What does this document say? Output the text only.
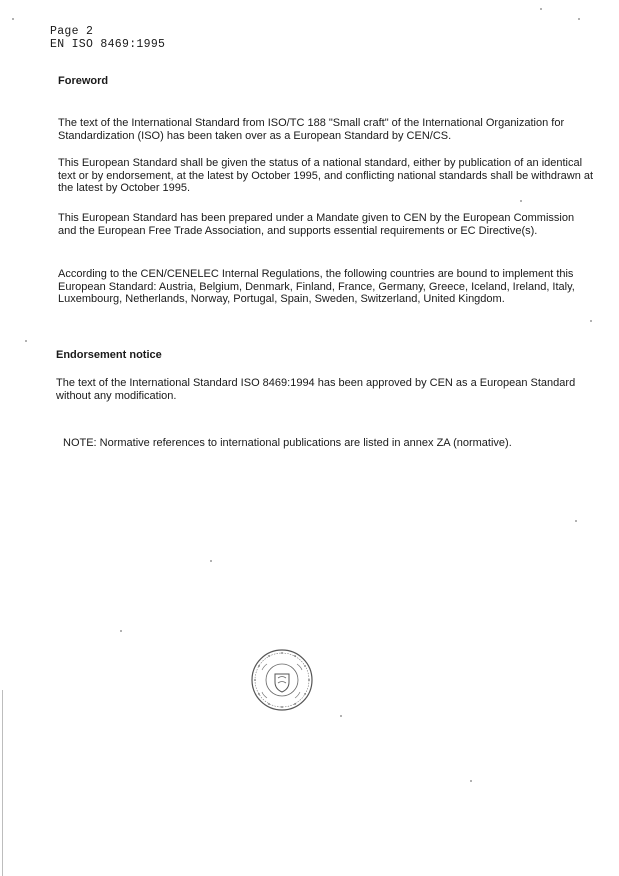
Page 2
EN ISO 8469:1995
Foreword
The text of the International Standard from ISO/TC 188 "Small craft" of the International Organization for Standardization (ISO) has been taken over as a European Standard by CEN/CS.
This European Standard shall be given the status of a national standard, either by publication of an identical text or by endorsement, at the latest by October 1995, and conflicting national standards shall be withdrawn at the latest by October 1995.
This European Standard has been prepared under a Mandate given to CEN by the European Commission and the European Free Trade Association, and supports essential requirements or EC Directive(s).
According to the CEN/CENELEC Internal Regulations, the following countries are bound to implement this European Standard: Austria, Belgium, Denmark, Finland, France, Germany, Greece, Iceland, Ireland, Italy, Luxembourg, Netherlands, Norway, Portugal, Spain, Sweden, Switzerland, United Kingdom.
Endorsement notice
The text of the International Standard ISO 8469:1994 has been approved by CEN as a European Standard without any modification.
NOTE: Normative references to international publications are listed in annex ZA (normative).
